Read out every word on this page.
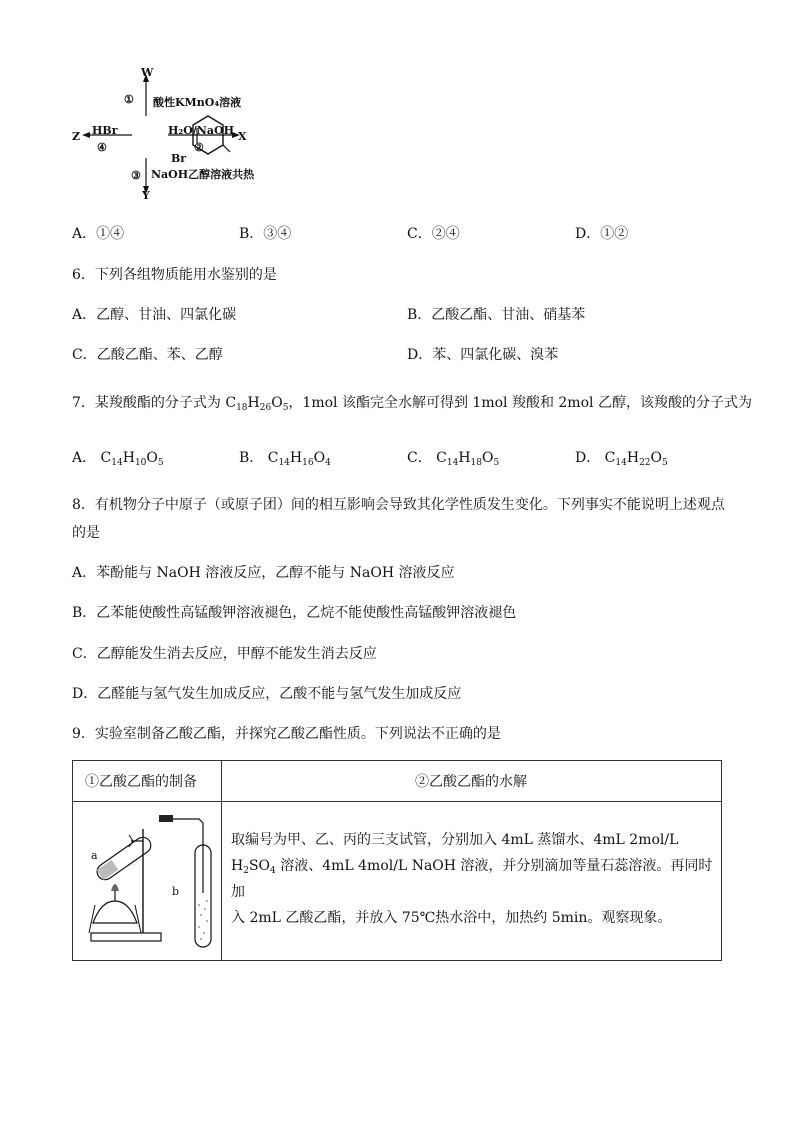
W
① 酸性KMnO₄溶液
Z HBr
④
H₂O/NaOH
②
X
Br
③ NaOH乙醇溶液共热
Y
A．①④	B．③④	C．②④	D．①②
6．下列各组物质能用水鉴别的是
A．乙醇、甘油、四氯化碳	B．乙酸乙酯、甘油、硝基苯
C．乙酸乙酯、苯、乙醇	D．苯、四氯化碳、溴苯
7．某羧酸酯的分子式为 $C_{18}H_{26}O_5$，1mol 该酯完全水解可得到 1mol 羧酸和 2mol 乙醇，该羧酸的分子式为
A． $C_{14}H_{10}O_5$	B． $C_{14}H_{16}O_4$	C． $C_{14}H_{18}O_5$	D． $C_{14}H_{22}O_5$
8．有机物分子中原子（或原子团）间的相互影响会导致其化学性质发生变化。下列事实不能说明上述观点
的是
A．苯酚能与 NaOH 溶液反应，乙醇不能与 NaOH 溶液反应
B．乙苯能使酸性高锰酸钾溶液褪色，乙烷不能使酸性高锰酸钾溶液褪色
C．乙醇能发生消去反应，甲醇不能发生消去反应
D．乙醛能与氢气发生加成反应，乙酸不能与氢气发生加成反应
9．实验室制备乙酸乙酯，并探究乙酸乙酯性质。下列说法不正确的是
①乙酸乙酯的制备	②乙酸乙酯的水解
a
b
取编号为甲、乙、丙的三支试管，分别加入 4mL 蒸馏水、4mL 2mol/L
$H_2SO_4$ 溶液、4mL 4mol/L NaOH 溶液，并分别滴加等量石蕊溶液。再同时加
入 2mL 乙酸乙酯，并放入 75℃热水浴中，加热约 5min。观察现象。
